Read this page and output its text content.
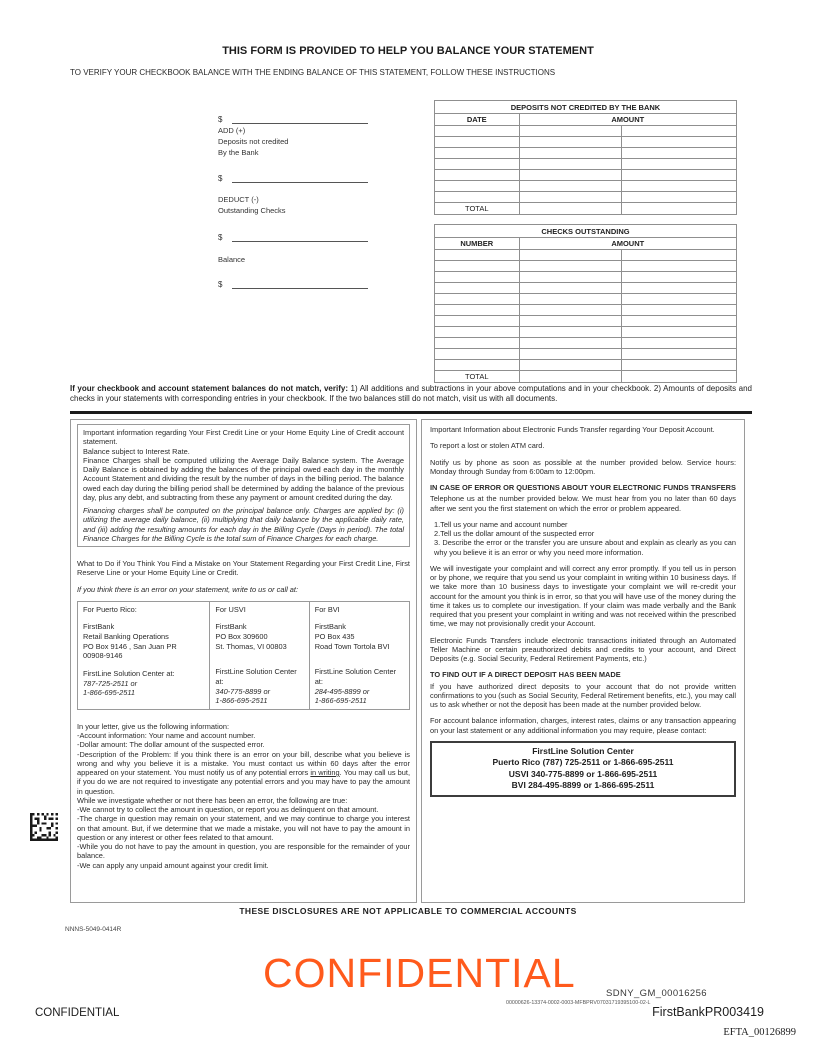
THIS FORM IS PROVIDED TO HELP YOU BALANCE YOUR STATEMENT
TO VERIFY YOUR CHECKBOOK BALANCE WITH THE ENDING BALANCE OF THIS STATEMENT, FOLLOW THESE INSTRUCTIONS
$
ADD (+)
Deposits not credited
By the Bank
$
DEDUCT (-)
Outstanding Checks
$
Balance
$
DEPOSITS NOT CREDITED BY THE BANK		
DATE	AMOUNT	

TOTAL		
CHECKS OUTSTANDING		
NUMBER	AMOUNT	

TOTAL		
If your checkbook and account statement balances do not match, verify: 1) All additions and subtractions in your above computations and in your checkbook. 2) Amounts of deposits and checks in your statements with corresponding entries in your checkbook. If the two balances still do not match, visit us with all documents.

Important information regarding Your First Credit Line or your Home Equity Line of Credit account statement.

Balance subject to Interest Rate.

Finance Charges shall be computed utilizing the Average Daily Balance system. The Average Daily Balance is obtained by adding the balances of the principal owed each day in the monthly Account Statement and dividing the result by the number of days in the billing period. The balance owed each day during the billing period shall be determined by adding the balance of the previous day, plus any debt, and subtracting from these any payment or amount credited during the day.

Financing charges shall be computed on the principal balance only. Charges are applied by: (i) utilizing the average daily balance, (ii) multiplying that daily balance by the applicable daily rate, and (iii) adding the resulting amounts for each day in the Billing Cycle (Days in period). The total Finance Charges for the Billing Cycle is the total sum of Finance Charges for each charge.

What to Do if You Think You Find a Mistake on Your Statement Regarding your First Credit Line, First Reserve Line or your Home Equity Line or Credit.

If you think there is an error on your statement, write to us or call at:

For Puerto Rico:
FirstBank
Retail Banking Operations
PO Box 9146 , San Juan PR
00908-9146
FirstLine Solution Center at:
787-725-2511 or
1-866-695-2511
For USVI
FirstBank
PO Box 309600
St. Thomas, VI 00803
FirstLine Solution Center at:
340-775-8899 or
1-866-695-2511
For BVI
FirstBank
PO Box 435
Road Town Tortola BVI
FirstLine Solution Center at:
284-495-8899 or
1-866-695-2511

In your letter, give us the following information:

-Account information: Your name and account number.

-Dollar amount: The dollar amount of the suspected error.

-Description of the Problem: If you think there is an error on your bill, describe what you believe is wrong and why you believe it is a mistake. You must contact us within 60 days after the error appeared on your statement. You must notify us of any potential errors in writing. You may call us but, if you do we are not required to investigate any potential errors and you may have to pay the amount in question.

While we investigate whether or not there has been an error, the following are true:

-We cannot try to collect the amount in question, or report you as delinquent on that amount.

-The charge in question may remain on your statement, and we may continue to charge you interest on that amount. But, if we determine that we made a mistake, you will not have to pay the amount in question or any interest or other fees related to that amount.

-While you do not have to pay the amount in question, you are responsible for the remainder of your balance.

-We can apply any unpaid amount against your credit limit.

Important Information about Electronic Funds Transfer regarding Your Deposit Account.

To report a lost or stolen ATM card.

Notify us by phone as soon as possible at the number provided below. Service hours: Monday through Sunday from 6:00am to 12:00pm.

IN CASE OF ERROR OR QUESTIONS ABOUT YOUR ELECTRONIC FUNDS TRANSFERS

Telephone us at the number provided below. We must hear from you no later than 60 days after we sent you the first statement on which the error or problem appeared.

1.Tell us your name and account number

2.Tell us the dollar amount of the suspected error

3. Describe the error or the transfer you are unsure about and explain as clearly as you can why you believe it is an error or why you need more information.

We will investigate your complaint and will correct any error promptly. If you tell us in person or by phone, we require that you send us your complaint in writing within 10 business days. If we take more than 10 business days to investigate your complaint we will re-credit your account for the amount you think is in error, so that you will have use of the money during the time it takes us to complete our investigation. If your claim was made verbally and the Bank required that you present your complaint in writing and was not received within the prescribed time, we may not provisionally credit your Account.

Electronic Funds Transfers include electronic transactions initiated through an Automated Teller Machine or certain preauthorized debits and credits to your account, and Direct Deposits (e.g. Social Security, Federal Retirement Payments, etc.)

TO FIND OUT IF A DIRECT DEPOSIT HAS BEEN MADE

If you have authorized direct deposits to your account that do not provide written confirmations to you (such as Social Security, Federal Retirement benefits, etc.), you may call us to ask whether or not the deposit has been made at the number provided below.

For account balance information, charges, interest rates, claims or any transaction appearing on your last statement or any additional information you may require, please contact:

FirstLine Solution Center
Puerto Rico (787) 725-2511 or 1-866-695-2511
USVI 340-775-8899 or 1-866-695-2511
BVI 284-495-8899 or 1-866-695-2511
THESE DISCLOSURES ARE NOT APPLICABLE TO COMMERCIAL ACCOUNTS
NNNS-5049-0414R
CONFIDENTIAL	SDNY_GM_00016256
00000626-13374-0002-0003-MFBPRV07031719395100-02-L
CONFIDENTIAL	FirstBankPR003419
EFTA_00126899
